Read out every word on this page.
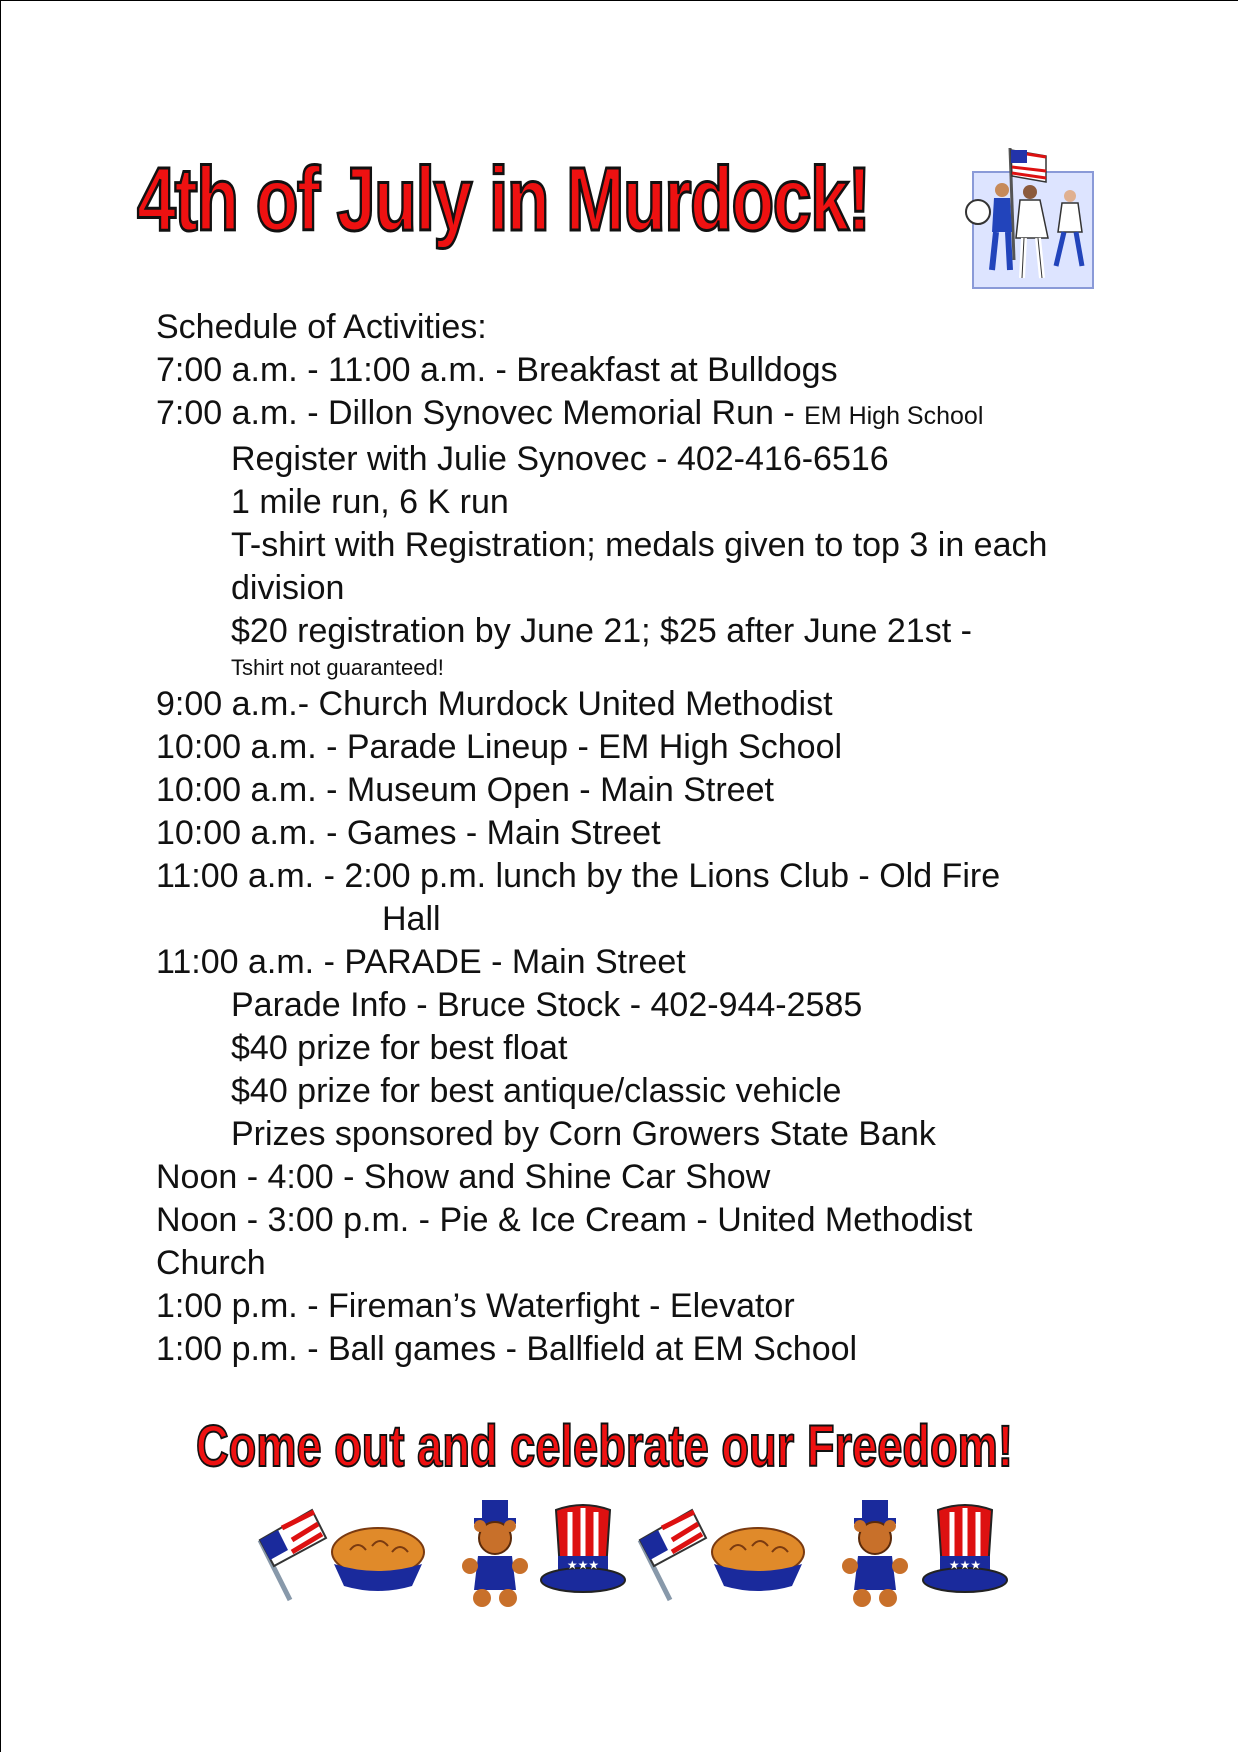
4th of July in Murdock!
Schedule of Activities:
7:00 a.m. - 11:00 a.m. - Breakfast at Bulldogs
7:00 a.m. - Dillon Synovec Memorial Run - EM High School
Register with Julie Synovec - 402-416-6516
1 mile run, 6 K run
T-shirt with Registration; medals given to top 3 in each division
$20 registration by June 21; $25 after June 21st -
Tshirt not guaranteed!
9:00 a.m.- Church Murdock United Methodist
10:00 a.m. - Parade Lineup - EM High School
10:00 a.m. - Museum Open - Main Street
10:00 a.m. - Games - Main Street
11:00 a.m. - 2:00 p.m. lunch by the Lions Club - Old Fire
Hall
11:00 a.m. - PARADE - Main Street
Parade Info - Bruce Stock - 402-944-2585
$40 prize for best float
$40 prize for best antique/classic vehicle
Prizes sponsored by Corn Growers State Bank
Noon - 4:00 - Show and Shine Car Show
Noon - 3:00 p.m. - Pie & Ice Cream - United Methodist Church
1:00 p.m. - Fireman’s Waterfight - Elevator
1:00 p.m. - Ball games - Ballfield at EM School
Come out and celebrate our Freedom!
★★★	★★★
